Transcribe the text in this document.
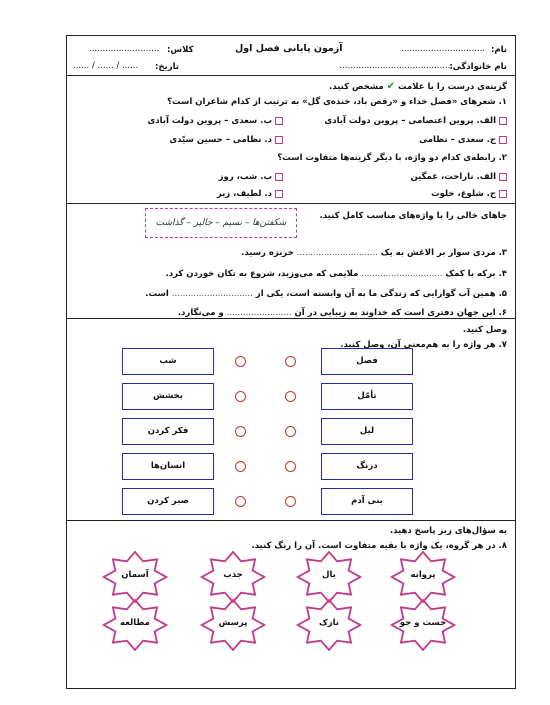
نام:
...............................
آزمون پایانی فصل اول
کلاس:
..........................
نام خانوادگی:
..........................................
تاریخ:
...... / ...... / ......
گزینه‌ی درست را با علامت ✔ مشخص کنید.
۱. شعرهای «فصل خداء و «رقص باد، خنده‌ی گل» به ترتیب از کدام شاعران است؟
الف. پروین اعتصامی – پروین دولت آبادی
ب. سعدی – پروین دولت آبادی
ج. سعدی – نظامی
د. نظامی – حسین سیّدی
۲. رابطه‌ی کدام دو واژه، با دیگر گزینه‌ها متفاوت است؟
الف. ناراحت، غمگین
ب. شب، روز
ج. شلوغ، خلوت
د. لطیف، زبر
جاهای خالی را با واژه‌های مناسب کامل کنید.
شکفتن‌ها – نسیم – جالیز – گذاشت
۳. مردی سوار بر الاغش به یک .............................. خربزه رسید.
۴. برکه با کمک .............................. ملایمی که می‌وزید، شروع به تکان خوردن کرد.
۵. همین آب گوارایی که زندگی ما به آن وابسته است، یکی از .............................. است.
۶. این جهان دفتری است که خداوند به زیبایی در آن ........................ و می‌نگارد.
وصل کنید.
۷. هر واژه را به هم‌معنی آن، وصل کنید.
فصل
تأمّل
لیل
درنگ
بنی آدم
شب
بخشش
فکر کردن
انسان‌ها
صبر کردن
به سؤال‌های زیر پاسخ دهید.
۸. در هر گروه، یک واژه با بقیه متفاوت است. آن را رنگ کنید.
پروانه
بال
جذب
آسمان
جست و جو
نازک
پرسش
مطالعه
